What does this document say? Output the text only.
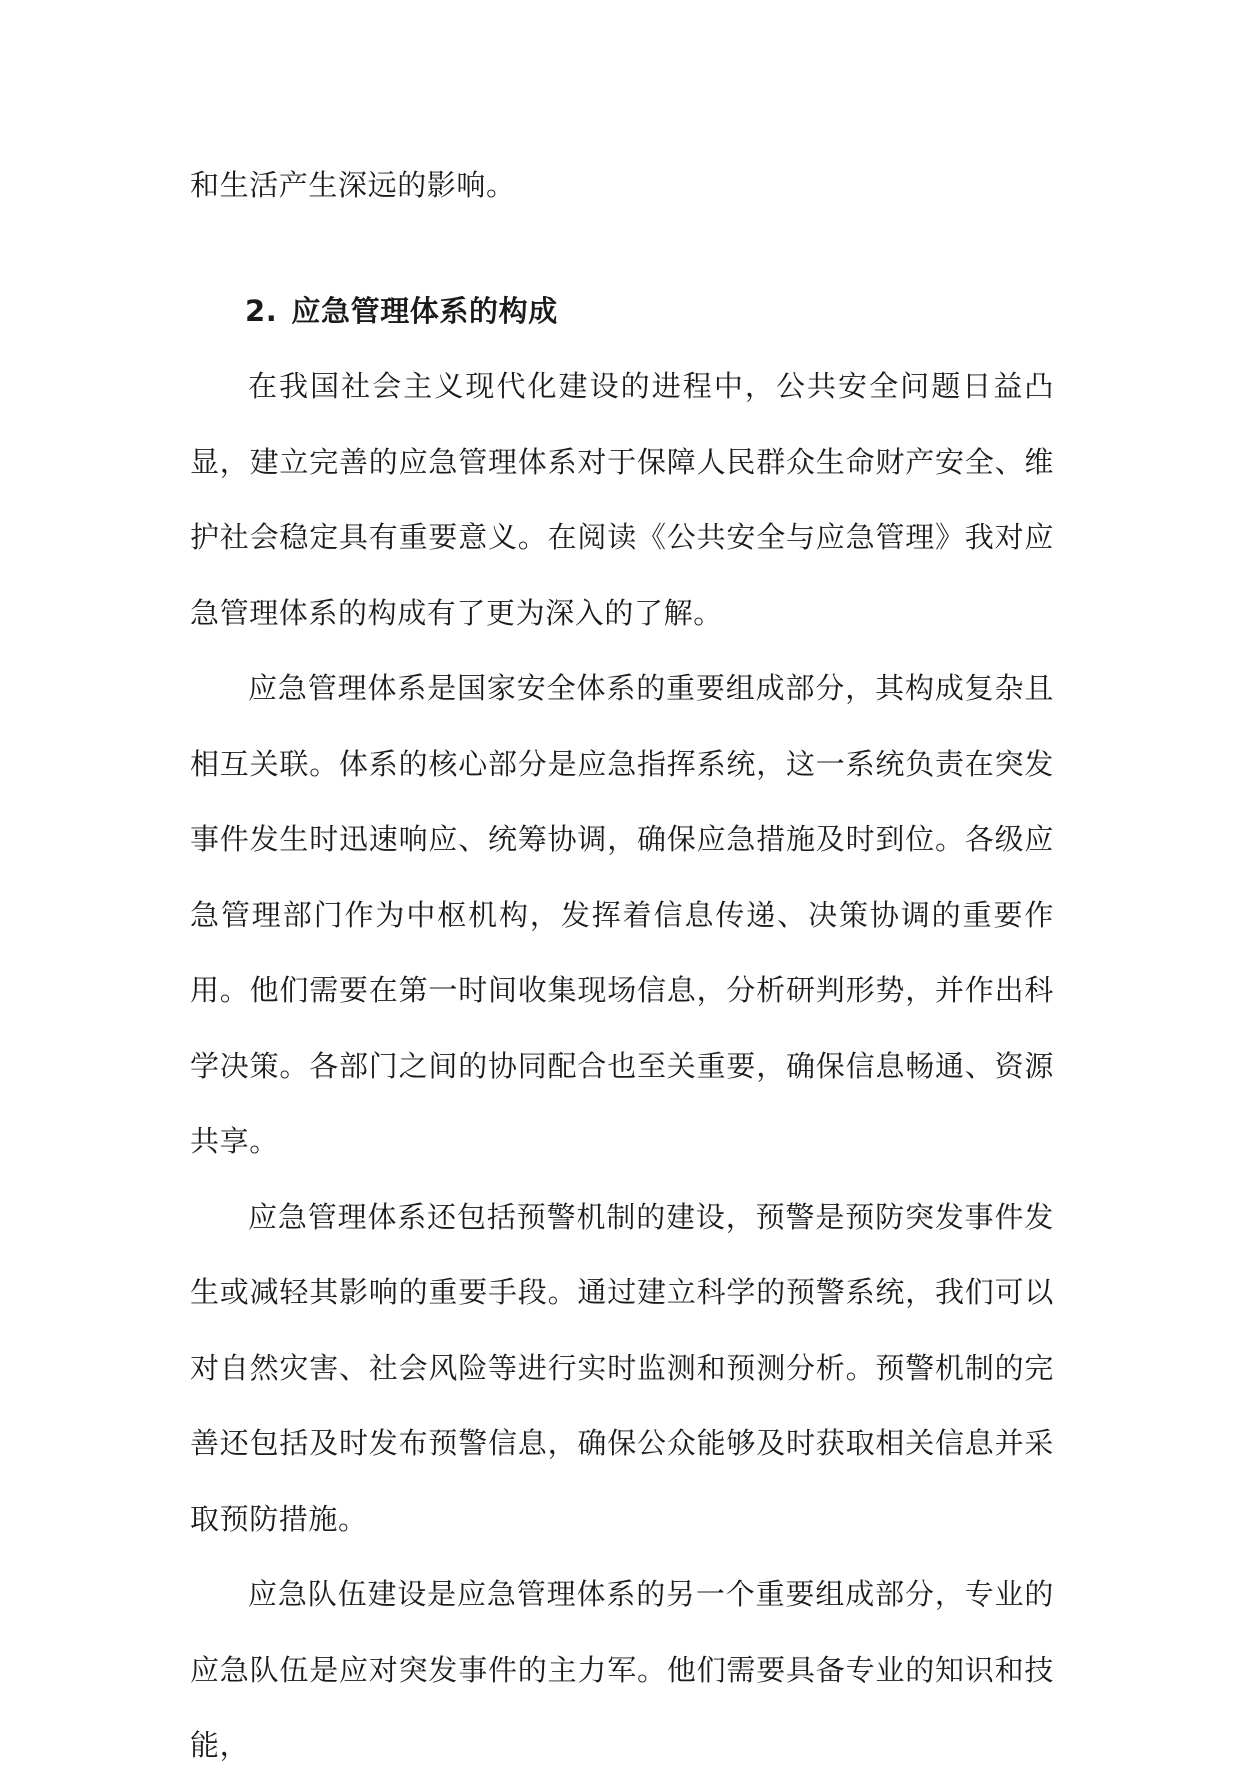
和生活产生深远的影响。

2. 应急管理体系的构成

在我国社会主义现代化建设的进程中，公共安全问题日益凸显，建立完善的应急管理体系对于保障人民群众生命财产安全、维护社会稳定具有重要意义。在阅读《公共安全与应急管理》我对应急管理体系的构成有了更为深入的了解。

应急管理体系是国家安全体系的重要组成部分，其构成复杂且相互关联。体系的核心部分是应急指挥系统，这一系统负责在突发事件发生时迅速响应、统筹协调，确保应急措施及时到位。各级应急管理部门作为中枢机构，发挥着信息传递、决策协调的重要作用。他们需要在第一时间收集现场信息，分析研判形势，并作出科学决策。各部门之间的协同配合也至关重要，确保信息畅通、资源共享。

应急管理体系还包括预警机制的建设，预警是预防突发事件发生或减轻其影响的重要手段。通过建立科学的预警系统，我们可以对自然灾害、社会风险等进行实时监测和预测分析。预警机制的完善还包括及时发布预警信息，确保公众能够及时获取相关信息并采取预防措施。

应急队伍建设是应急管理体系的另一个重要组成部分，专业的应急队伍是应对突发事件的主力军。他们需要具备专业的知识和技能，
